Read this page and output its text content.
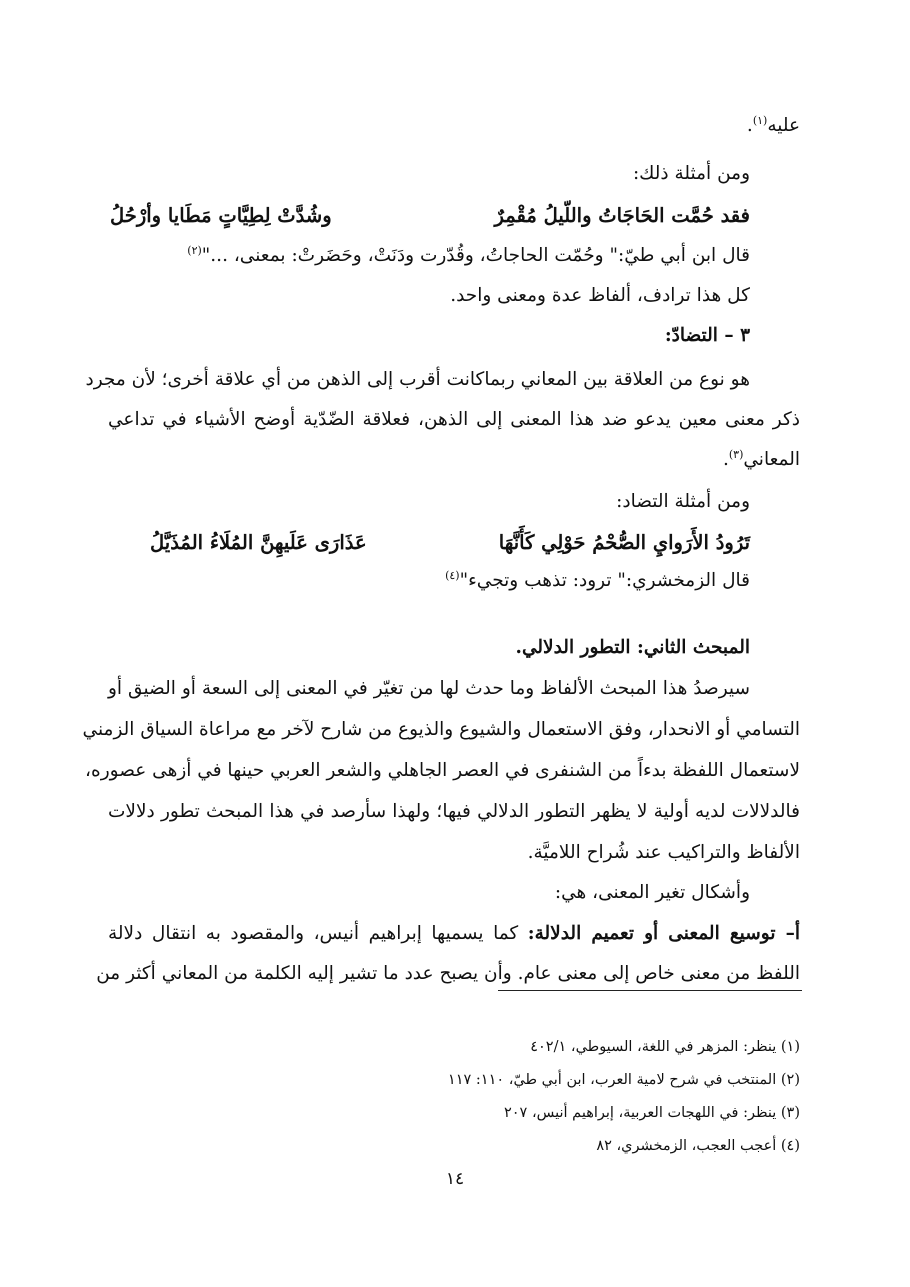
عليه$^{(١)}$.
ومن أمثلة ذلك:
فقد حُمَّت الحَاجَاتُ واللّيلُ مُقْمِرٌ
وشُدَّتْ لِطِيَّاتٍ مَطَايا وأرْحُلُ
قال ابن أبي طيّ:" وحُمّت الحاجاتُ، وقُدّرت ودَنَتْ، وحَضَرتْ: بمعنى، ..."$^{(٢)}$
كل هذا ترادف، ألفاظ عدة ومعنى واحد.
٣ – التضادّ:
هو نوع من العلاقة بين المعاني ربماكانت أقرب إلى الذهن من أي علاقة أخرى؛ لأن مجرد
ذكر معنى معين يدعو ضد هذا المعنى إلى الذهن، فعلاقة الضّدّية أوضح الأشياء في تداعي
المعاني$^{(٣)}$.
ومن أمثلة التضاد:
تَرُودُ الأَرَوايِ الصُّحْمُ حَوْلِي كَأَنَّهَا
عَذَارَى عَلَيهِنَّ المُلَاءُ المُذَيَّلُ
قال الزمخشري:" ترود: تذهب وتجيء"$^{(٤)}$
المبحث الثاني: التطور الدلالي.
سيرصدُ هذا المبحث الألفاظ وما حدث لها من تغيّر في المعنى إلى السعة أو الضيق أو
التسامي أو الانحدار، وفق الاستعمال والشيوع والذيوع من شارح لآخر مع مراعاة السياق الزمني
لاستعمال اللفظة بدءاً من الشنفرى في العصر الجاهلي والشعر العربي حينها في أزهى عصوره،
فالدلالات لديه أولية لا يظهر التطور الدلالي فيها؛ ولهذا سأرصد في هذا المبحث تطور دلالات
الألفاظ والتراكيب عند شُراح اللاميَّة.
وأشكال تغير المعنى، هي:
أ– توسيع المعنى أو تعميم الدلالة: كما يسميها إبراهيم أنيس، والمقصود به انتقال دلالة
اللفظ من معنى خاص إلى معنى عام. وأن يصبح عدد ما تشير إليه الكلمة من المعاني أكثر من
(١) ينظر: المزهر في اللغة، السيوطي، ٤٠٢/١
(٢) المنتخب في شرح لامية العرب، ابن أبي طيّ، ١١٠: ١١٧
(٣) ينظر: في اللهجات العربية، إبراهيم أنيس، ٢٠٧
(٤) أعجب العجب، الزمخشري، ٨٢
١٤
